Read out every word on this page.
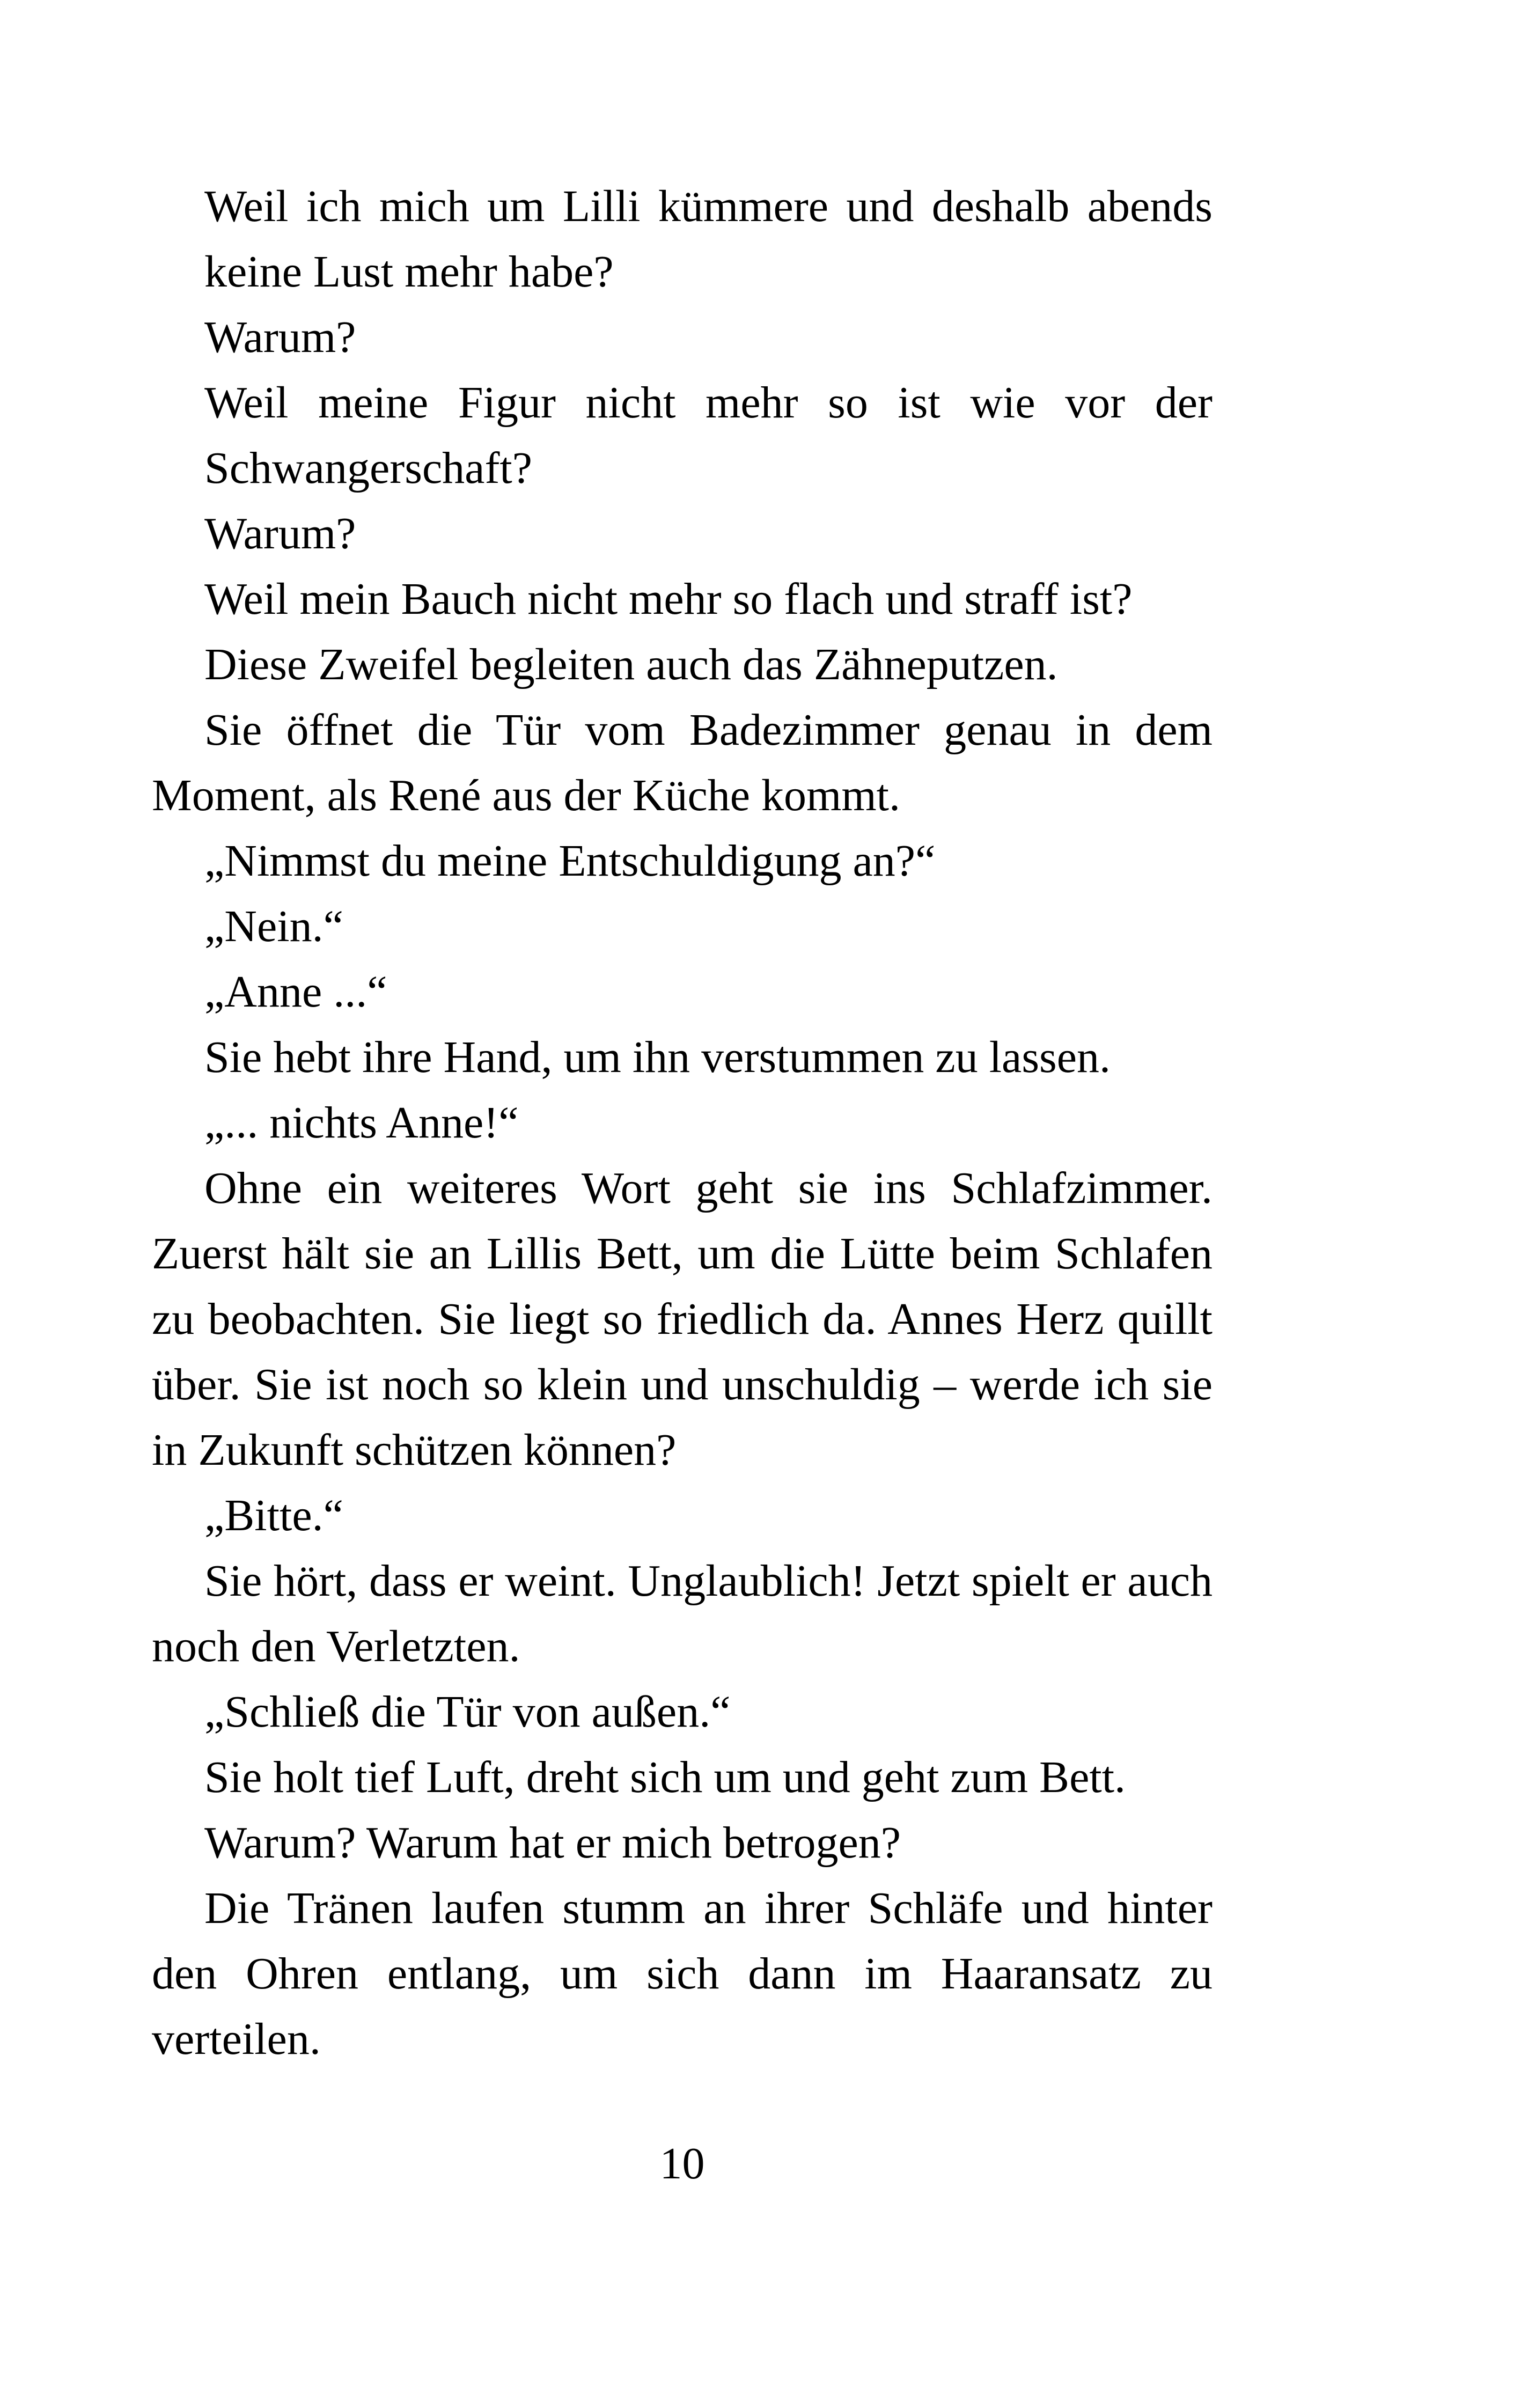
Weil ich mich um Lilli kümmere und deshalb abends
keine Lust mehr habe?
Warum?
Weil meine Figur nicht mehr so ist wie vor der
Schwangerschaft?
Warum?
Weil mein Bauch nicht mehr so flach und straff ist?
Diese Zweifel begleiten auch das Zähneputzen.
Sie öffnet die Tür vom Badezimmer genau in dem
Moment, als René aus der Küche kommt.
„Nimmst du meine Entschuldigung an?“
„Nein.“
„Anne ...“
Sie hebt ihre Hand, um ihn verstummen zu lassen.
„... nichts Anne!“
Ohne ein weiteres Wort geht sie ins Schlafzimmer.
Zuerst hält sie an Lillis Bett, um die Lütte beim Schlafen
zu beobachten. Sie liegt so friedlich da. Annes Herz quillt
über. Sie ist noch so klein und unschuldig – werde ich sie
in Zukunft schützen können?
„Bitte.“
Sie hört, dass er weint. Unglaublich! Jetzt spielt er auch
noch den Verletzten.
„Schließ die Tür von außen.“
Sie holt tief Luft, dreht sich um und geht zum Bett.
Warum? Warum hat er mich betrogen?
Die Tränen laufen stumm an ihrer Schläfe und hinter
den Ohren entlang, um sich dann im Haaransatz zu
verteilen.
10
